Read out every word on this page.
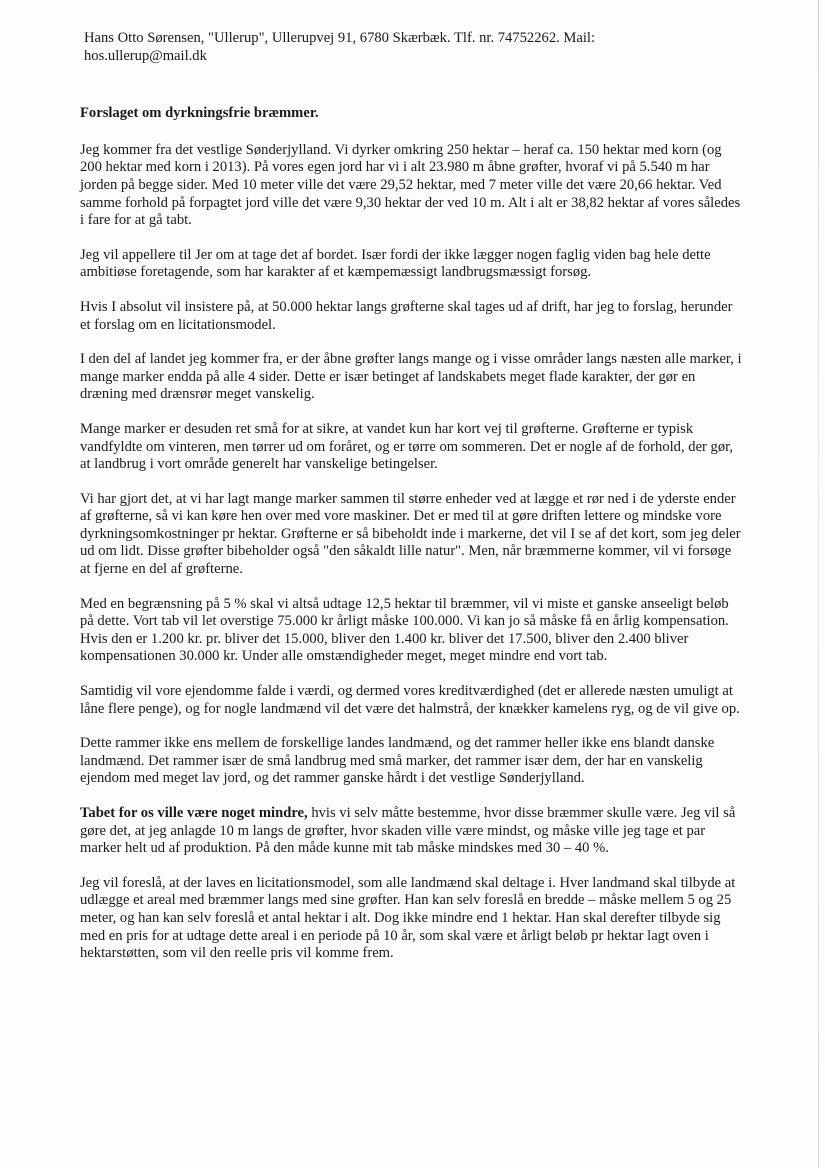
Hans Otto Sørensen, "Ullerup", Ullerupvej 91, 6780 Skærbæk. Tlf. nr. 74752262. Mail:
hos.ullerup@mail.dk
Forslaget om dyrkningsfrie bræmmer.

Jeg kommer fra det vestlige Sønderjylland. Vi dyrker omkring 250 hektar – heraf ca. 150 hektar med korn (og 200 hektar med korn i 2013). På vores egen jord har vi i alt 23.980 m åbne grøfter, hvoraf vi på 5.540 m har jorden på begge sider. Med 10 meter ville det være 29,52 hektar, med 7 meter ville det være 20,66 hektar. Ved samme forhold på forpagtet jord ville det være 9,30 hektar der ved 10 m. Alt i alt er 38,82 hektar af vores således i fare for at gå tabt.

Jeg vil appellere til Jer om at tage det af bordet. Især fordi der ikke lægger nogen faglig viden bag hele dette ambitiøse foretagende, som har karakter af et kæmpemæssigt landbrugsmæssigt forsøg.

Hvis I absolut vil insistere på, at 50.000 hektar langs grøfterne skal tages ud af drift, har jeg to forslag, herunder et forslag om en licitationsmodel.

I den del af landet jeg kommer fra, er der åbne grøfter langs mange og i visse områder langs næsten alle marker, i mange marker endda på alle 4 sider. Dette er især betinget af landskabets meget flade karakter, der gør en dræning med drænsrør meget vanskelig.

Mange marker er desuden ret små for at sikre, at vandet kun har kort vej til grøfterne. Grøfterne er typisk vandfyldte om vinteren, men tørrer ud om foråret, og er tørre om sommeren. Det er nogle af de forhold, der gør, at landbrug i vort område generelt har vanskelige betingelser.

Vi har gjort det, at vi har lagt mange marker sammen til større enheder ved at lægge et rør ned i de yderste ender af grøfterne, så vi kan køre hen over med vore maskiner. Det er med til at gøre driften lettere og mindske vore dyrkningsomkostninger pr hektar. Grøfterne er så bibeholdt inde i markerne, det vil I se af det kort, som jeg deler ud om lidt. Disse grøfter bibeholder også "den såkaldt lille natur". Men, når bræmmerne kommer, vil vi forsøge at fjerne en del af grøfterne.

Med en begrænsning på 5 % skal vi altså udtage 12,5 hektar til bræmmer, vil vi miste et ganske anseeligt beløb på dette. Vort tab vil let overstige 75.000 kr årligt måske 100.000. Vi kan jo så måske få en årlig kompensation. Hvis den er 1.200 kr. pr. bliver det 15.000, bliver den 1.400 kr. bliver det 17.500, bliver den 2.400 bliver kompensationen 30.000 kr. Under alle omstændigheder meget, meget mindre end vort tab.

Samtidig vil vore ejendomme falde i værdi, og dermed vores kreditværdighed (det er allerede næsten umuligt at låne flere penge), og for nogle landmænd vil det være det halmstrå, der knækker kamelens ryg, og de vil give op.

Dette rammer ikke ens mellem de forskellige landes landmænd, og det rammer heller ikke ens blandt danske landmænd. Det rammer især de små landbrug med små marker, det rammer især dem, der har en vanskelig ejendom med meget lav jord, og det rammer ganske hårdt i det vestlige Sønderjylland.

Tabet for os ville være noget mindre, hvis vi selv måtte bestemme, hvor disse bræmmer skulle være. Jeg vil så gøre det, at jeg anlagde 10 m langs de grøfter, hvor skaden ville være mindst, og måske ville jeg tage et par marker helt ud af produktion. På den måde kunne mit tab måske mindskes med 30 – 40 %.

Jeg vil foreslå, at der laves en licitationsmodel, som alle landmænd skal deltage i. Hver landmand skal tilbyde at udlægge et areal med bræmmer langs med sine grøfter. Han kan selv foreslå en bredde – måske mellem 5 og 25 meter, og han kan selv foreslå et antal hektar i alt. Dog ikke mindre end 1 hektar. Han skal derefter tilbyde sig med en pris for at udtage dette areal i en periode på 10 år, som skal være et årligt beløb pr hektar lagt oven i hektarstøtten, som vil den reelle pris vil komme frem.
